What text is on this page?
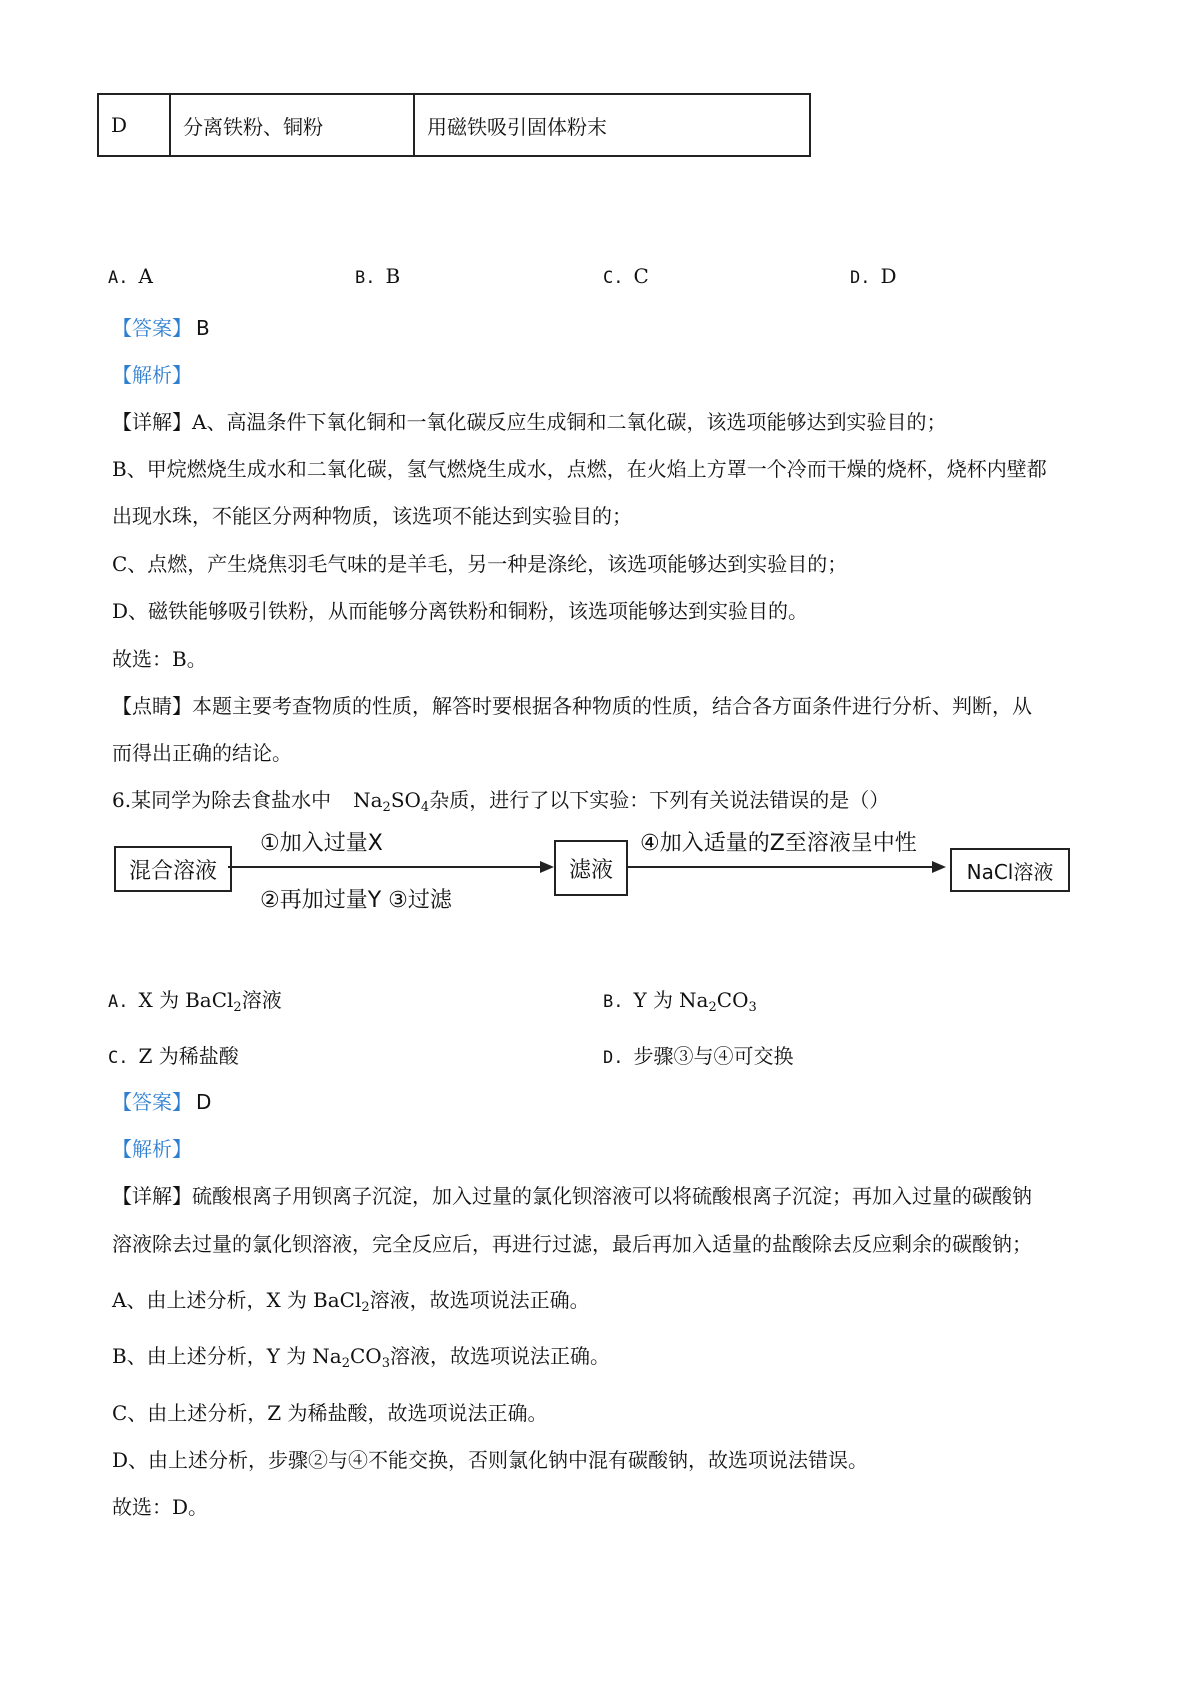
D	分离铁粉、铜粉	用磁铁吸引固体粉末
A. A	B. B	C. C	D. D
【答案】 B
【解析】
【详解】A、高温条件下氧化铜和一氧化碳反应生成铜和二氧化碳，该选项能够达到实验目的；
B、甲烷燃烧生成水和二氧化碳，氢气燃烧生成水，点燃，在火焰上方罩一个冷而干燥的烧杯，烧杯内壁都
出现水珠，不能区分两种物质，该选项不能达到实验目的；
C、点燃，产生烧焦羽毛气味的是羊毛，另一种是涤纶，该选项能够达到实验目的；
D、磁铁能够吸引铁粉，从而能够分离铁粉和铜粉，该选项能够达到实验目的。
故选：B。
【点睛】本题主要考查物质的性质，解答时要根据各种物质的性质，结合各方面条件进行分析、判断，从
而得出正确的结论。
6.某同学为除去食盐水中 $Na_2SO_4$杂质，进行了以下实验：下列有关说法错误的是（）
混合溶液
①加入过量X
②再加过量Y ③过滤
滤液
④加入适量的Z至溶液呈中性
NaCl溶液
A. X 为 BaCl$_2$溶液	B. Y 为 $Na_2CO_3$
C. Z 为稀盐酸	D. 步骤③与④可交换
【答案】 D
【解析】
【详解】硫酸根离子用钡离子沉淀，加入过量的氯化钡溶液可以将硫酸根离子沉淀；再加入过量的碳酸钠
溶液除去过量的氯化钡溶液，完全反应后，再进行过滤，最后再加入适量的盐酸除去反应剩余的碳酸钠；
A、由上述分析，X 为 BaCl$_2$溶液，故选项说法正确。
B、由上述分析，Y 为 $Na_2CO_3$溶液，故选项说法正确。
C、由上述分析，Z 为稀盐酸，故选项说法正确。
D、由上述分析，步骤②与④不能交换，否则氯化钠中混有碳酸钠，故选项说法错误。
故选：D。
